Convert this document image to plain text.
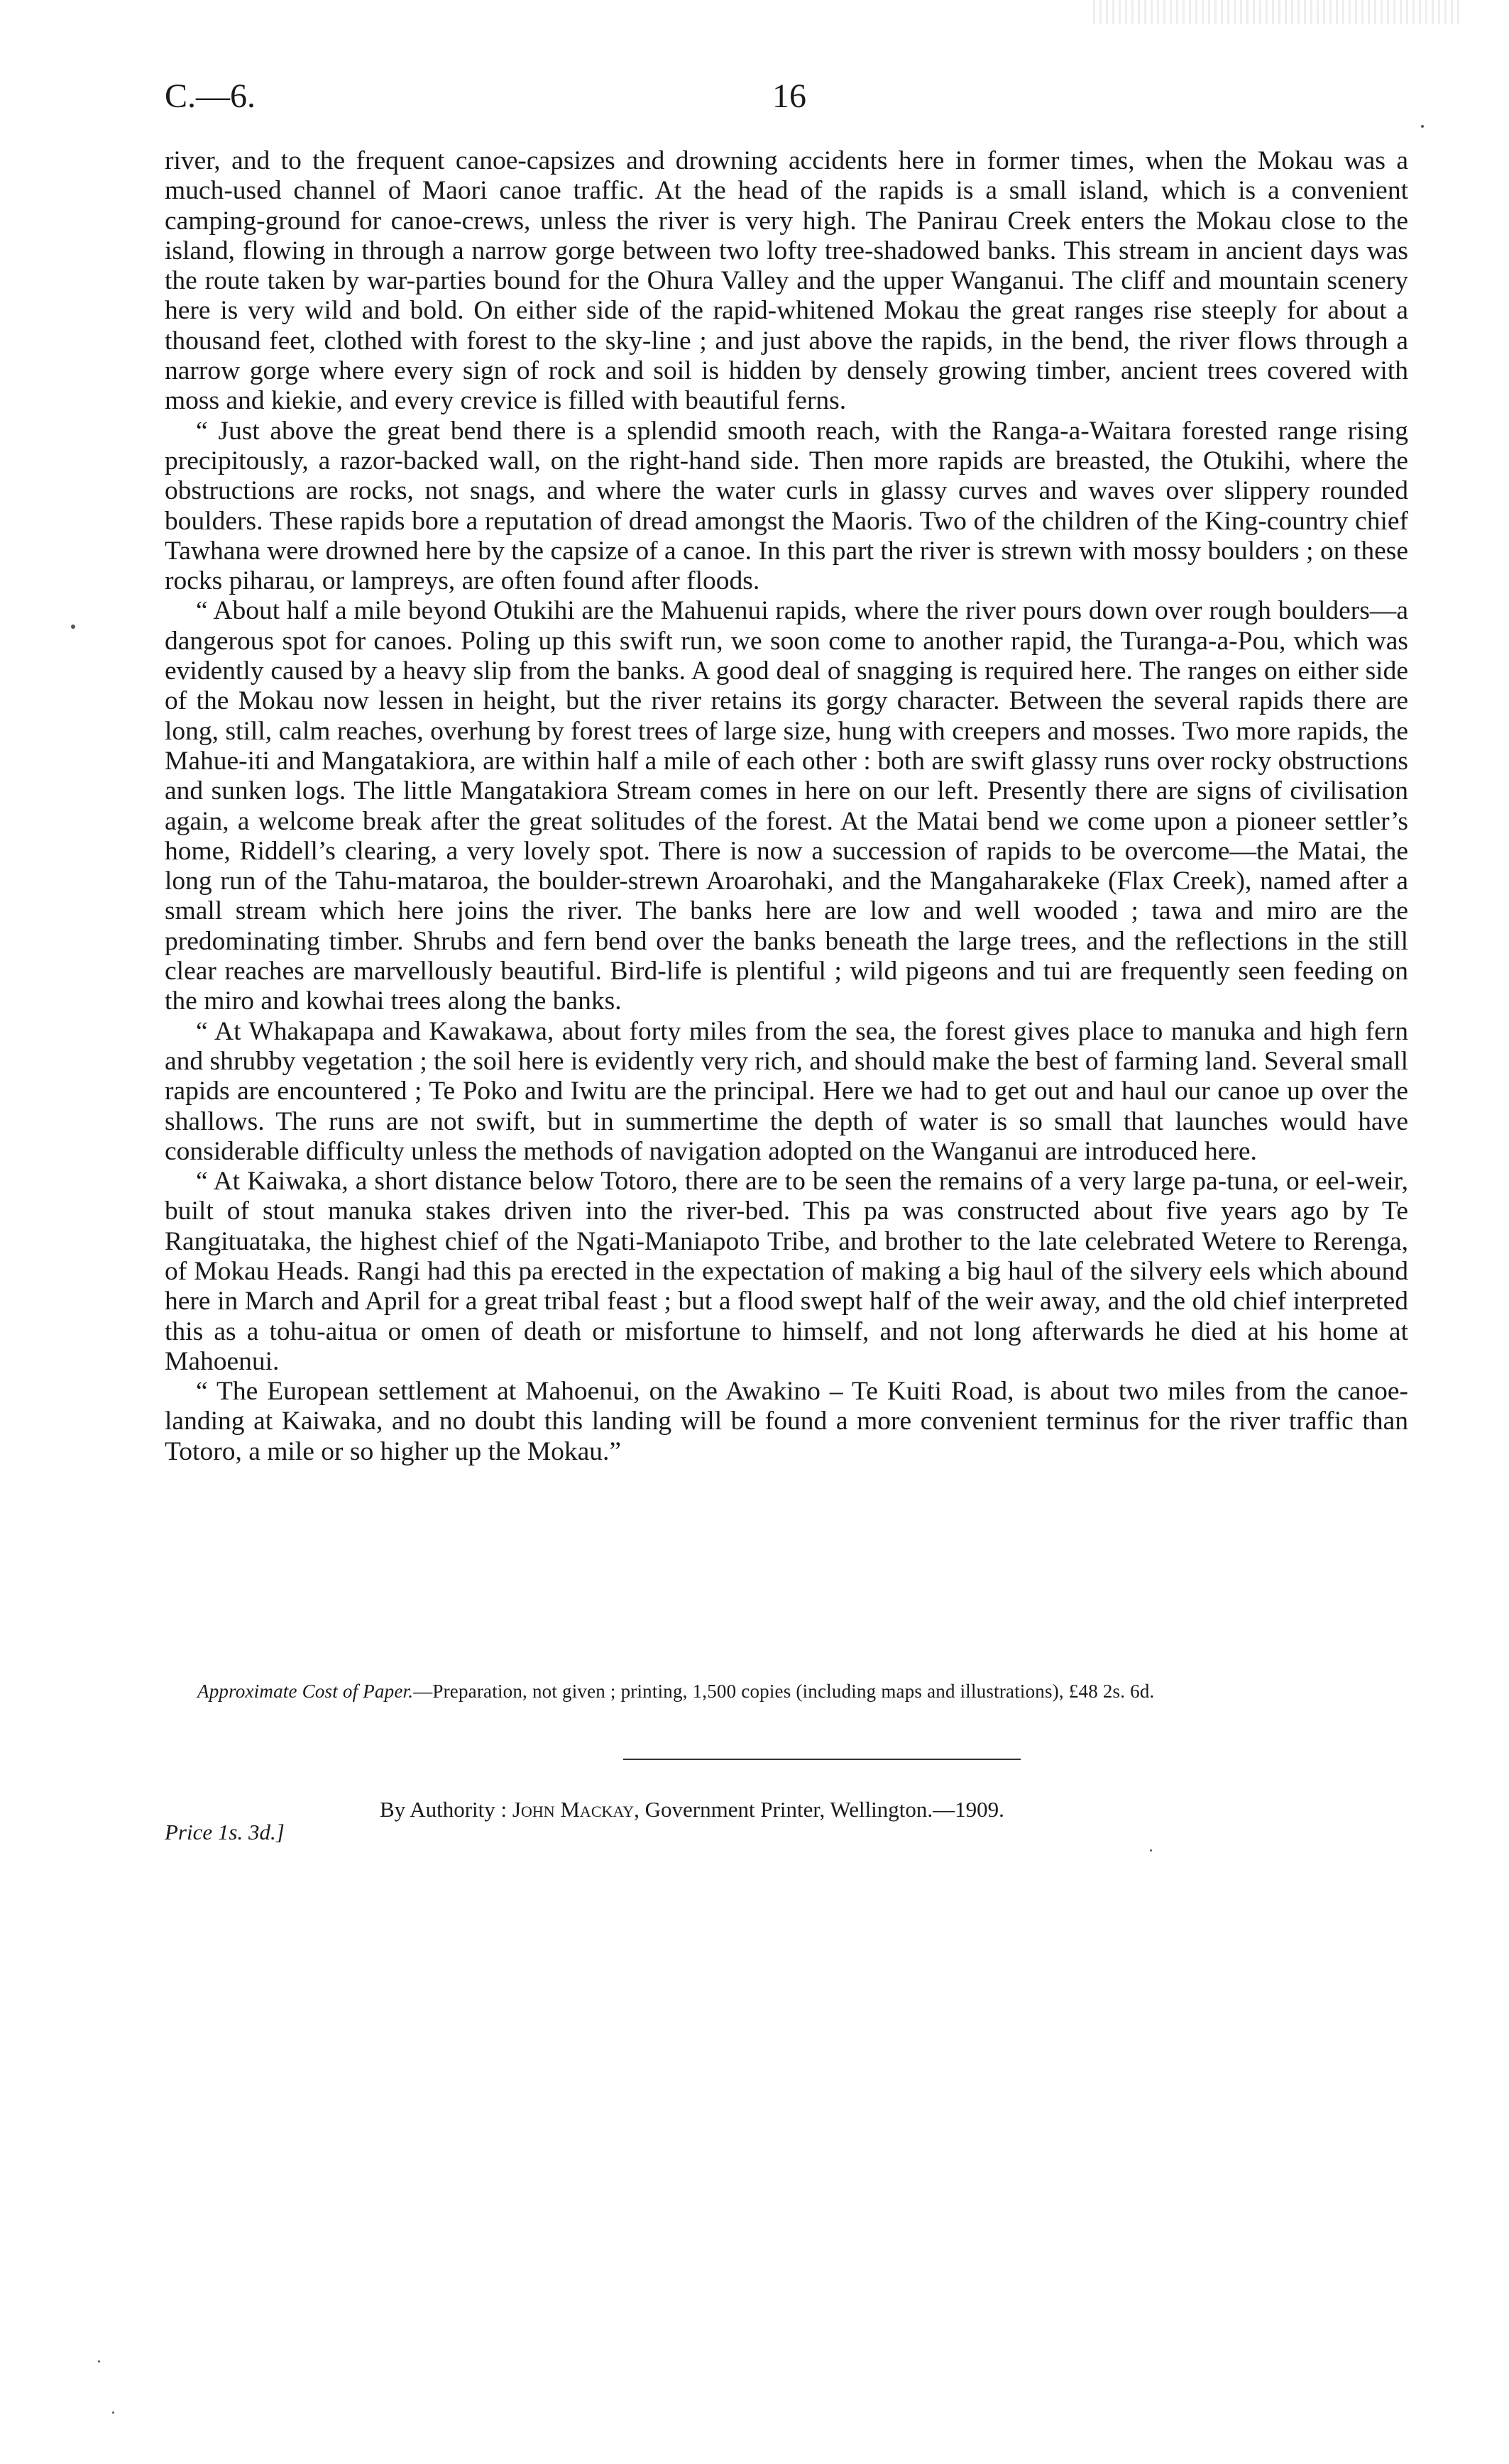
C.—6.	16

river, and to the frequent canoe-capsizes and drowning accidents here in former times, when the Mokau was a much-used channel of Maori canoe traffic. At the head of the rapids is a small island, which is a convenient camping-ground for canoe-crews, unless the river is very high. The Panirau Creek enters the Mokau close to the island, flowing in through a narrow gorge between two lofty tree-shadowed banks. This stream in ancient days was the route taken by war-parties bound for the Ohura Valley and the upper Wanganui. The cliff and mountain scenery here is very wild and bold. On either side of the rapid-whitened Mokau the great ranges rise steeply for about a thousand feet, clothed with forest to the sky-line ; and just above the rapids, in the bend, the river flows through a narrow gorge where every sign of rock and soil is hidden by densely growing timber, ancient trees covered with moss and kiekie, and every crevice is filled with beautiful ferns.

“ Just above the great bend there is a splendid smooth reach, with the Ranga-a-Waitara forested range rising precipitously, a razor-backed wall, on the right-hand side. Then more rapids are breasted, the Otukihi, where the obstructions are rocks, not snags, and where the water curls in glassy curves and waves over slippery rounded boulders. These rapids bore a reputation of dread amongst the Maoris. Two of the children of the King-country chief Tawhana were drowned here by the capsize of a canoe. In this part the river is strewn with mossy boulders ; on these rocks piharau, or lampreys, are often found after floods.

“ About half a mile beyond Otukihi are the Mahuenui rapids, where the river pours down over rough boulders—a dangerous spot for canoes. Poling up this swift run, we soon come to another rapid, the Turanga-a-Pou, which was evidently caused by a heavy slip from the banks. A good deal of snagging is required here. The ranges on either side of the Mokau now lessen in height, but the river retains its gorgy character. Between the several rapids there are long, still, calm reaches, overhung by forest trees of large size, hung with creepers and mosses. Two more rapids, the Mahue-iti and Mangatakiora, are within half a mile of each other : both are swift glassy runs over rocky obstructions and sunken logs. The little Mangatakiora Stream comes in here on our left. Presently there are signs of civilisation again, a welcome break after the great solitudes of the forest. At the Matai bend we come upon a pioneer settler’s home, Riddell’s clearing, a very lovely spot. There is now a succession of rapids to be overcome—the Matai, the long run of the Tahu-mataroa, the boulder-strewn Aroarohaki, and the Mangaharakeke (Flax Creek), named after a small stream which here joins the river. The banks here are low and well wooded ; tawa and miro are the predominating timber. Shrubs and fern bend over the banks beneath the large trees, and the reflections in the still clear reaches are marvellously beautiful. Bird-life is plentiful ; wild pigeons and tui are frequently seen feeding on the miro and kowhai trees along the banks.

“ At Whakapapa and Kawakawa, about forty miles from the sea, the forest gives place to manuka and high fern and shrubby vegetation ; the soil here is evidently very rich, and should make the best of farming land. Several small rapids are encountered ; Te Poko and Iwitu are the principal. Here we had to get out and haul our canoe up over the shallows. The runs are not swift, but in summertime the depth of water is so small that launches would have considerable difficulty unless the methods of navigation adopted on the Wanganui are introduced here.

“ At Kaiwaka, a short distance below Totoro, there are to be seen the remains of a very large pa-tuna, or eel-weir, built of stout manuka stakes driven into the river-bed. This pa was constructed about five years ago by Te Rangituataka, the highest chief of the Ngati-Maniapoto Tribe, and brother to the late celebrated Wetere to Rerenga, of Mokau Heads. Rangi had this pa erected in the expectation of making a big haul of the silvery eels which abound here in March and April for a great tribal feast ; but a flood swept half of the weir away, and the old chief interpreted this as a tohu-aitua or omen of death or misfortune to himself, and not long afterwards he died at his home at Mahoenui.

“ The European settlement at Mahoenui, on the Awakino – Te Kuiti Road, is about two miles from the canoe-landing at Kaiwaka, and no doubt this landing will be found a more convenient terminus for the river traffic than Totoro, a mile or so higher up the Mokau.”

Approximate Cost of Paper.—Preparation, not given ; printing, 1,500 copies (including maps and illustrations), £48 2s. 6d.
By Authority : John Mackay, Government Printer, Wellington.—1909.
Price 1s. 3d.]
